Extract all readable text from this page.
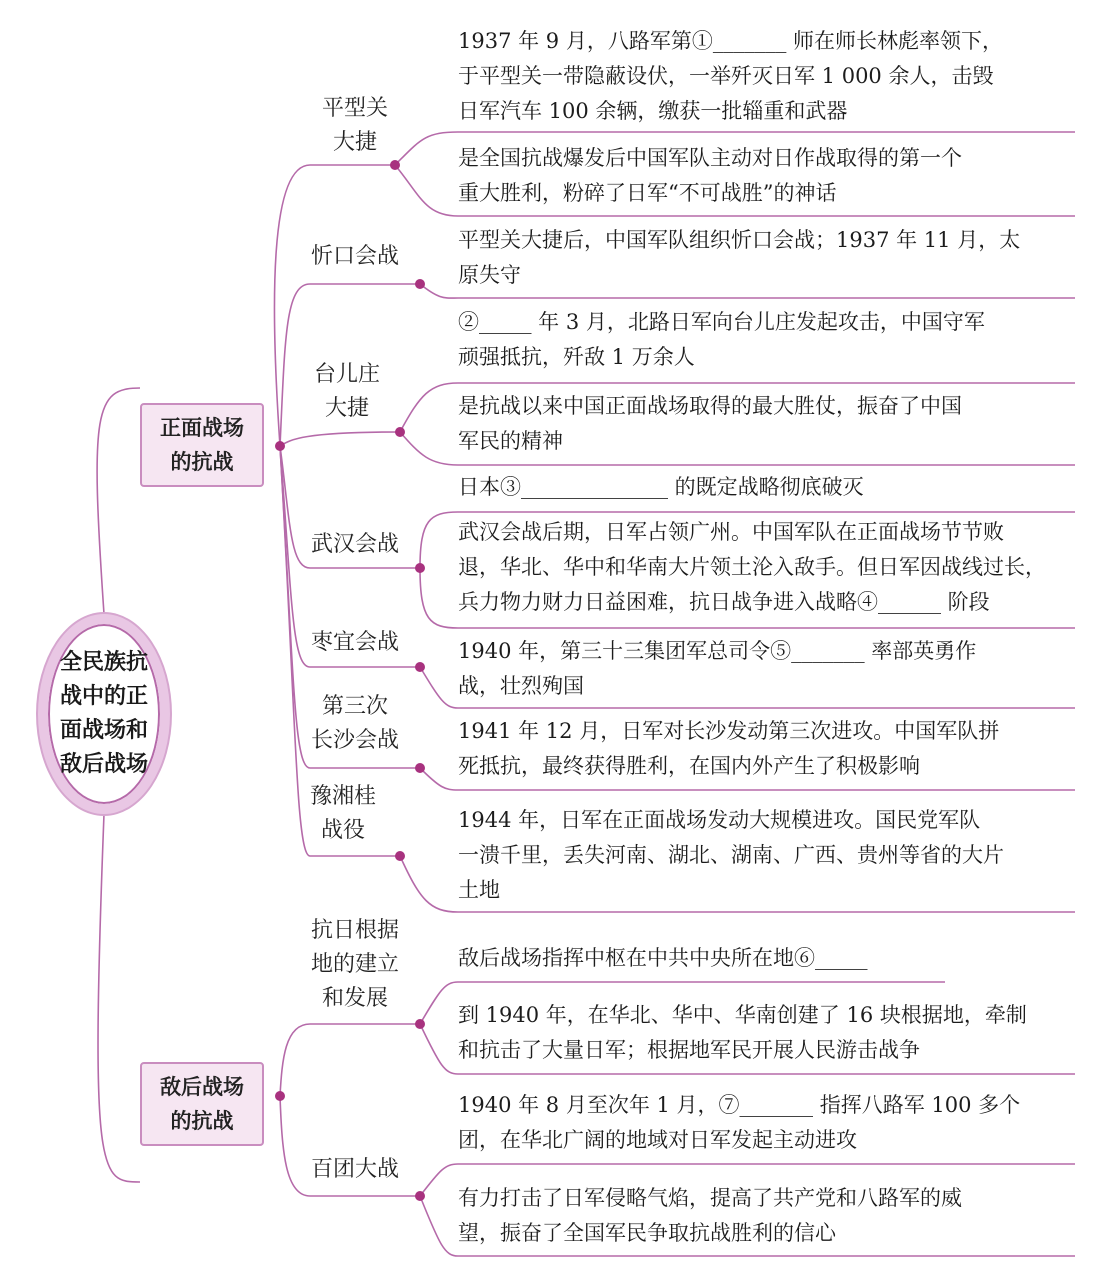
全民族抗
战中的正
面战场和
敌后战场
正面战场
的抗战
敌后战场
的抗战
平型关
大捷
忻口会战
台儿庄
大捷
武汉会战
枣宜会战
第三次
长沙会战
豫湘桂
战役
抗日根据
地的建立
和发展
百团大战
1937 年 9 月，八路军第①_______ 师在师长林彪率领下，
于平型关一带隐蔽设伏，一举歼灭日军 1 000 余人，击毁
日军汽车 100 余辆，缴获一批辎重和武器
是全国抗战爆发后中国军队主动对日作战取得的第一个
重大胜利，粉碎了日军“不可战胜”的神话
平型关大捷后，中国军队组织忻口会战；1937 年 11 月，太
原失守
②_____ 年 3 月，北路日军向台儿庄发起攻击，中国守军
顽强抵抗，歼敌 1 万余人
是抗战以来中国正面战场取得的最大胜仗，振奋了中国
军民的精神
日本③______________ 的既定战略彻底破灭
武汉会战后期，日军占领广州。中国军队在正面战场节节败
退，华北、华中和华南大片领土沦入敌手。但日军因战线过长，
兵力物力财力日益困难，抗日战争进入战略④______ 阶段
1940 年，第三十三集团军总司令⑤_______ 率部英勇作
战，壮烈殉国
1941 年 12 月，日军对长沙发动第三次进攻。中国军队拼
死抵抗，最终获得胜利，在国内外产生了积极影响
1944 年，日军在正面战场发动大规模进攻。国民党军队
一溃千里，丢失河南、湖北、湖南、广西、贵州等省的大片
土地
敌后战场指挥中枢在中共中央所在地⑥_____
到 1940 年，在华北、华中、华南创建了 16 块根据地，牵制
和抗击了大量日军；根据地军民开展人民游击战争
1940 年 8 月至次年 1 月，⑦_______ 指挥八路军 100 多个
团，在华北广阔的地域对日军发起主动进攻
有力打击了日军侵略气焰，提高了共产党和八路军的威
望，振奋了全国军民争取抗战胜利的信心
